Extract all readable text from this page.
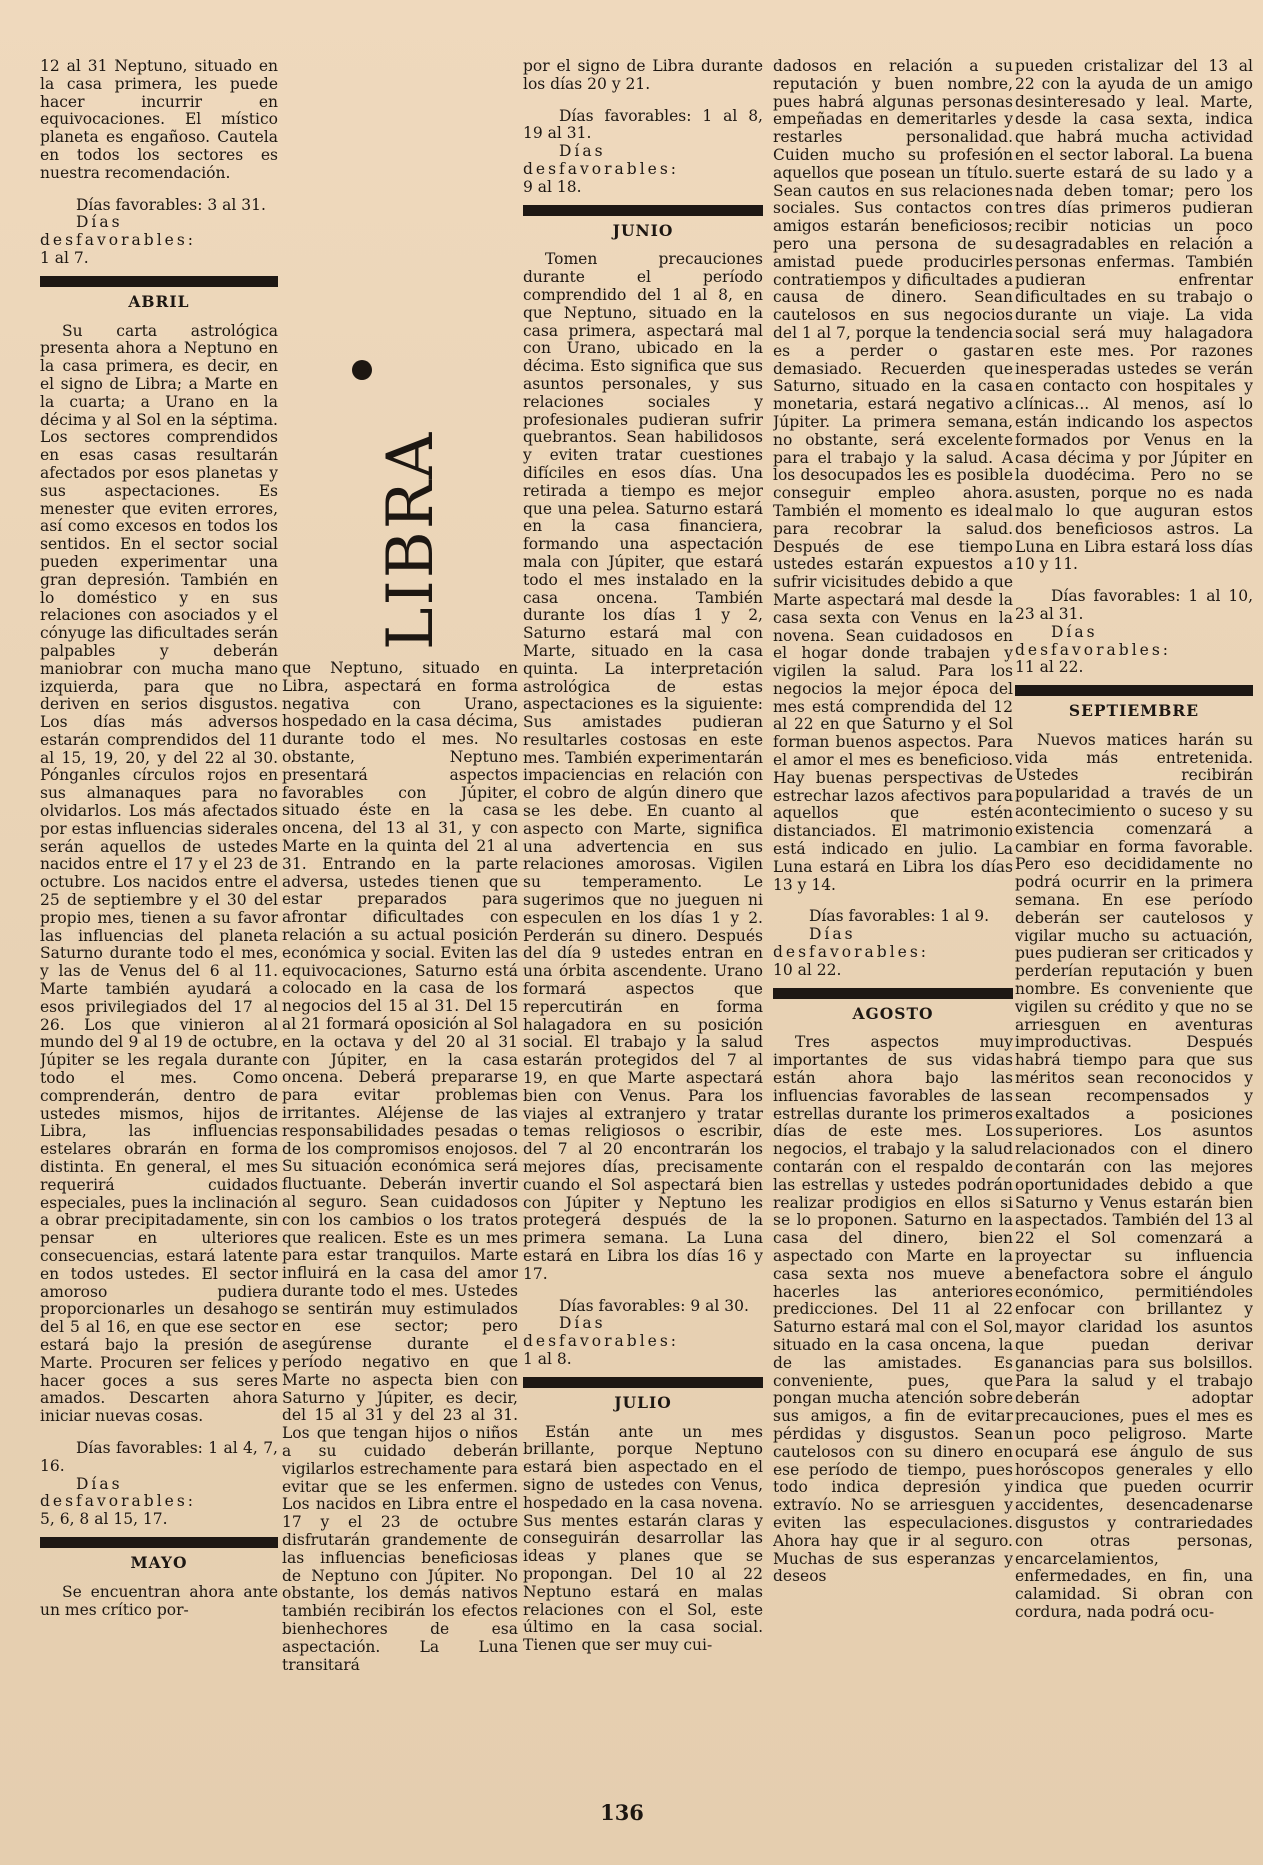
12 al 31 Neptuno, situado en la casa primera, les puede hacer incurrir en equivocaciones. El místico planeta es engañoso. Cautela en todos los sectores es nuestra recomendación.

Días favorables: 3 al 31.

Días desfavorables:
1 al 7.

ABRIL

Su carta astrológica presenta ahora a Neptuno en la casa primera, es decir, en el signo de Libra; a Marte en la cuarta; a Urano en la décima y al Sol en la séptima. Los sectores comprendidos en esas casas resultarán afectados por esos planetas y sus aspectaciones. Es menester que eviten errores, así como excesos en todos los sentidos. En el sector social pueden experimentar una gran depresión. También en lo doméstico y en sus relaciones con asociados y el cónyuge las dificultades serán palpables y deberán maniobrar con mucha mano izquierda, para que no deriven en serios disgustos. Los días más adversos estarán comprendidos del 11 al 15, 19, 20, y del 22 al 30. Pónganles círculos rojos en sus almanaques para no olvidarlos. Los más afectados por estas influencias siderales serán aquellos de ustedes nacidos entre el 17 y el 23 de octubre. Los nacidos entre el 25 de septiembre y el 30 del propio mes, tienen a su favor las influencias del planeta Saturno durante todo el mes, y las de Venus del 6 al 11. Marte también ayudará a esos privilegiados del 17 al 26. Los que vinieron al mundo del 9 al 19 de octubre, Júpiter se les regala durante todo el mes. Como comprenderán, dentro de ustedes mismos, hijos de Libra, las influencias estelares obrarán en forma distinta. En general, el mes requerirá cuidados especiales, pues la inclinación a obrar precipitadamente, sin pensar en ulteriores consecuencias, estará latente en todos ustedes. El sector amoroso pudiera proporcionarles un desahogo del 5 al 16, en que ese sector estará bajo la presión de Marte. Procuren ser felices y hacer goces a sus seres amados. Descarten ahora iniciar nuevas cosas.

Días favorables: 1 al 4, 7, 16.

Días desfavorables:
5, 6, 8 al 15, 17.

MAYO

Se encuentran ahora ante un mes crítico por-

LIBRA

que Neptuno, situado en Libra, aspectará en forma negativa con Urano, hospedado en la casa décima, durante todo el mes. No obstante, Neptuno presentará aspectos favorables con Júpiter, situado éste en la casa oncena, del 13 al 31, y con Marte en la quinta del 21 al 31. Entrando en la parte adversa, ustedes tienen que estar preparados para afrontar dificultades con relación a su actual posición económica y social. Eviten las equivocaciones, Saturno está colocado en la casa de los negocios del 15 al 31. Del 15 al 21 formará oposición al Sol en la octava y del 20 al 31 con Júpiter, en la casa oncena. Deberá prepararse para evitar problemas irritantes. Aléjense de las responsabilidades pesadas o de los compromisos enojosos. Su situación económica será fluctuante. Deberán invertir al seguro. Sean cuidadosos con los cambios o los tratos que realicen. Este es un mes para estar tranquilos. Marte influirá en la casa del amor durante todo el mes. Ustedes se sentirán muy estimulados en ese sector; pero asegúrense durante el período negativo en que Marte no aspecta bien con Saturno y Júpiter, es decir, del 15 al 31 y del 23 al 31. Los que tengan hijos o niños a su cuidado deberán vigilarlos estrechamente para evitar que se les enfermen. Los nacidos en Libra entre el 17 y el 23 de octubre disfrutarán grandemente de las influencias beneficiosas de Neptuno con Júpiter. No obstante, los demás nativos también recibirán los efectos bienhechores de esa aspectación. La Luna transitará

por el signo de Libra durante los días 20 y 21.

Días favorables: 1 al 8, 19 al 31.

Días desfavorables:
9 al 18.

JUNIO

Tomen precauciones durante el período comprendido del 1 al 8, en que Neptuno, situado en la casa primera, aspectará mal con Urano, ubicado en la décima. Esto significa que sus asuntos personales, y sus relaciones sociales y profesionales pudieran sufrir quebrantos. Sean habilidosos y eviten tratar cuestiones difíciles en esos días. Una retirada a tiempo es mejor que una pelea. Saturno estará en la casa financiera, formando una aspectación mala con Júpiter, que estará todo el mes instalado en la casa oncena. También durante los días 1 y 2, Saturno estará mal con Marte, situado en la casa quinta. La interpretación astrológica de estas aspectaciones es la siguiente: Sus amistades pudieran resultarles costosas en este mes. También experimentarán impaciencias en relación con el cobro de algún dinero que se les debe. En cuanto al aspecto con Marte, significa una advertencia en sus relaciones amorosas. Vigilen su temperamento. Le sugerimos que no jueguen ni especulen en los días 1 y 2. Perderán su dinero. Después del día 9 ustedes entran en una órbita ascendente. Urano formará aspectos que repercutirán en forma halagadora en su posición social. El trabajo y la salud estarán protegidos del 7 al 19, en que Marte aspectará bien con Venus. Para los viajes al extranjero y tratar temas religiosos o escribir, del 7 al 20 encontrarán los mejores días, precisamente cuando el Sol aspectará bien con Júpiter y Neptuno les protegerá después de la primera semana. La Luna estará en Libra los días 16 y 17.

Días favorables: 9 al 30.

Días desfavorables:
1 al 8.

JULIO

Están ante un mes brillante, porque Neptuno estará bien aspectado en el signo de ustedes con Venus, hospedado en la casa novena. Sus mentes estarán claras y conseguirán desarrollar las ideas y planes que se propongan. Del 10 al 22 Neptuno estará en malas relaciones con el Sol, este último en la casa social. Tienen que ser muy cui-

dadosos en relación a su reputación y buen nombre, pues habrá algunas personas empeñadas en demeritarles y restarles personalidad. Cuiden mucho su profesión aquellos que posean un título. Sean cautos en sus relaciones sociales. Sus contactos con amigos estarán beneficiosos; pero una persona de su amistad puede producirles contratiempos y dificultades a causa de dinero. Sean cautelosos en sus negocios del 1 al 7, porque la tendencia es a perder o gastar demasiado. Recuerden que Saturno, situado en la casa monetaria, estará negativo a Júpiter. La primera semana, no obstante, será excelente para el trabajo y la salud. A los desocupados les es posible conseguir empleo ahora. También el momento es ideal para recobrar la salud. Después de ese tiempo ustedes estarán expuestos a sufrir vicisitudes debido a que Marte aspectará mal desde la casa sexta con Venus en la novena. Sean cuidadosos en el hogar donde trabajen y vigilen la salud. Para los negocios la mejor época del mes está comprendida del 12 al 22 en que Saturno y el Sol forman buenos aspectos. Para el amor el mes es beneficioso. Hay buenas perspectivas de estrechar lazos afectivos para aquellos que estén distanciados. El matrimonio está indicado en julio. La Luna estará en Libra los días 13 y 14.

Días favorables: 1 al 9.

Días desfavorables:
10 al 22.

AGOSTO

Tres aspectos muy importantes de sus vidas están ahora bajo las influencias favorables de las estrellas durante los primeros días de este mes. Los negocios, el trabajo y la salud contarán con el respaldo de las estrellas y ustedes podrán realizar prodigios en ellos si se lo proponen. Saturno en la casa del dinero, bien aspectado con Marte en la casa sexta nos mueve a hacerles las anteriores predicciones. Del 11 al 22 Saturno estará mal con el Sol, situado en la casa oncena, la de las amistades. Es conveniente, pues, que pongan mucha atención sobre sus amigos, a fin de evitar pérdidas y disgustos. Sean cautelosos con su dinero en ese período de tiempo, pues todo indica depresión y extravío. No se arriesguen y eviten las especulaciones. Ahora hay que ir al seguro. Muchas de sus esperanzas y deseos

pueden cristalizar del 13 al 22 con la ayuda de un amigo desinteresado y leal. Marte, desde la casa sexta, indica que habrá mucha actividad en el sector laboral. La buena suerte estará de su lado y a nada deben tomar; pero los tres días primeros pudieran recibir noticias un poco desagradables en relación a personas enfermas. También pudieran enfrentar dificultades en su trabajo o durante un viaje. La vida social será muy halagadora en este mes. Por razones inesperadas ustedes se verán en contacto con hospitales y clínicas... Al menos, así lo están indicando los aspectos formados por Venus en la casa décima y por Júpiter en la duodécima. Pero no se asusten, porque no es nada malo lo que auguran estos dos beneficiosos astros. La Luna en Libra estará loss días 10 y 11.

Días favorables: 1 al 10, 23 al 31.

Días desfavorables:
11 al 22.

SEPTIEMBRE

Nuevos matices harán su vida más entretenida. Ustedes recibirán popularidad a través de un acontecimiento o suceso y su existencia comenzará a cambiar en forma favorable. Pero eso decididamente no podrá ocurrir en la primera semana. En ese período deberán ser cautelosos y vigilar mucho su actuación, pues pudieran ser criticados y perderían reputación y buen nombre. Es conveniente que vigilen su crédito y que no se arriesguen en aventuras improductivas. Después habrá tiempo para que sus méritos sean reconocidos y sean recompensados y exaltados a posiciones superiores. Los asuntos relacionados con el dinero contarán con las mejores oportunidades debido a que Saturno y Venus estarán bien aspectados. También del 13 al 22 el Sol comenzará a proyectar su influencia benefactora sobre el ángulo económico, permitiéndoles enfocar con brillantez y mayor claridad los asuntos que puedan derivar ganancias para sus bolsillos. Para la salud y el trabajo deberán adoptar precauciones, pues el mes es un poco peligroso. Marte ocupará ese ángulo de sus horóscopos generales y ello indica que pueden ocurrir accidentes, desencadenarse disgustos y contrariedades con otras personas, encarcelamientos, enfermedades, en fin, una calamidad. Si obran con cordura, nada podrá ocu-

136
